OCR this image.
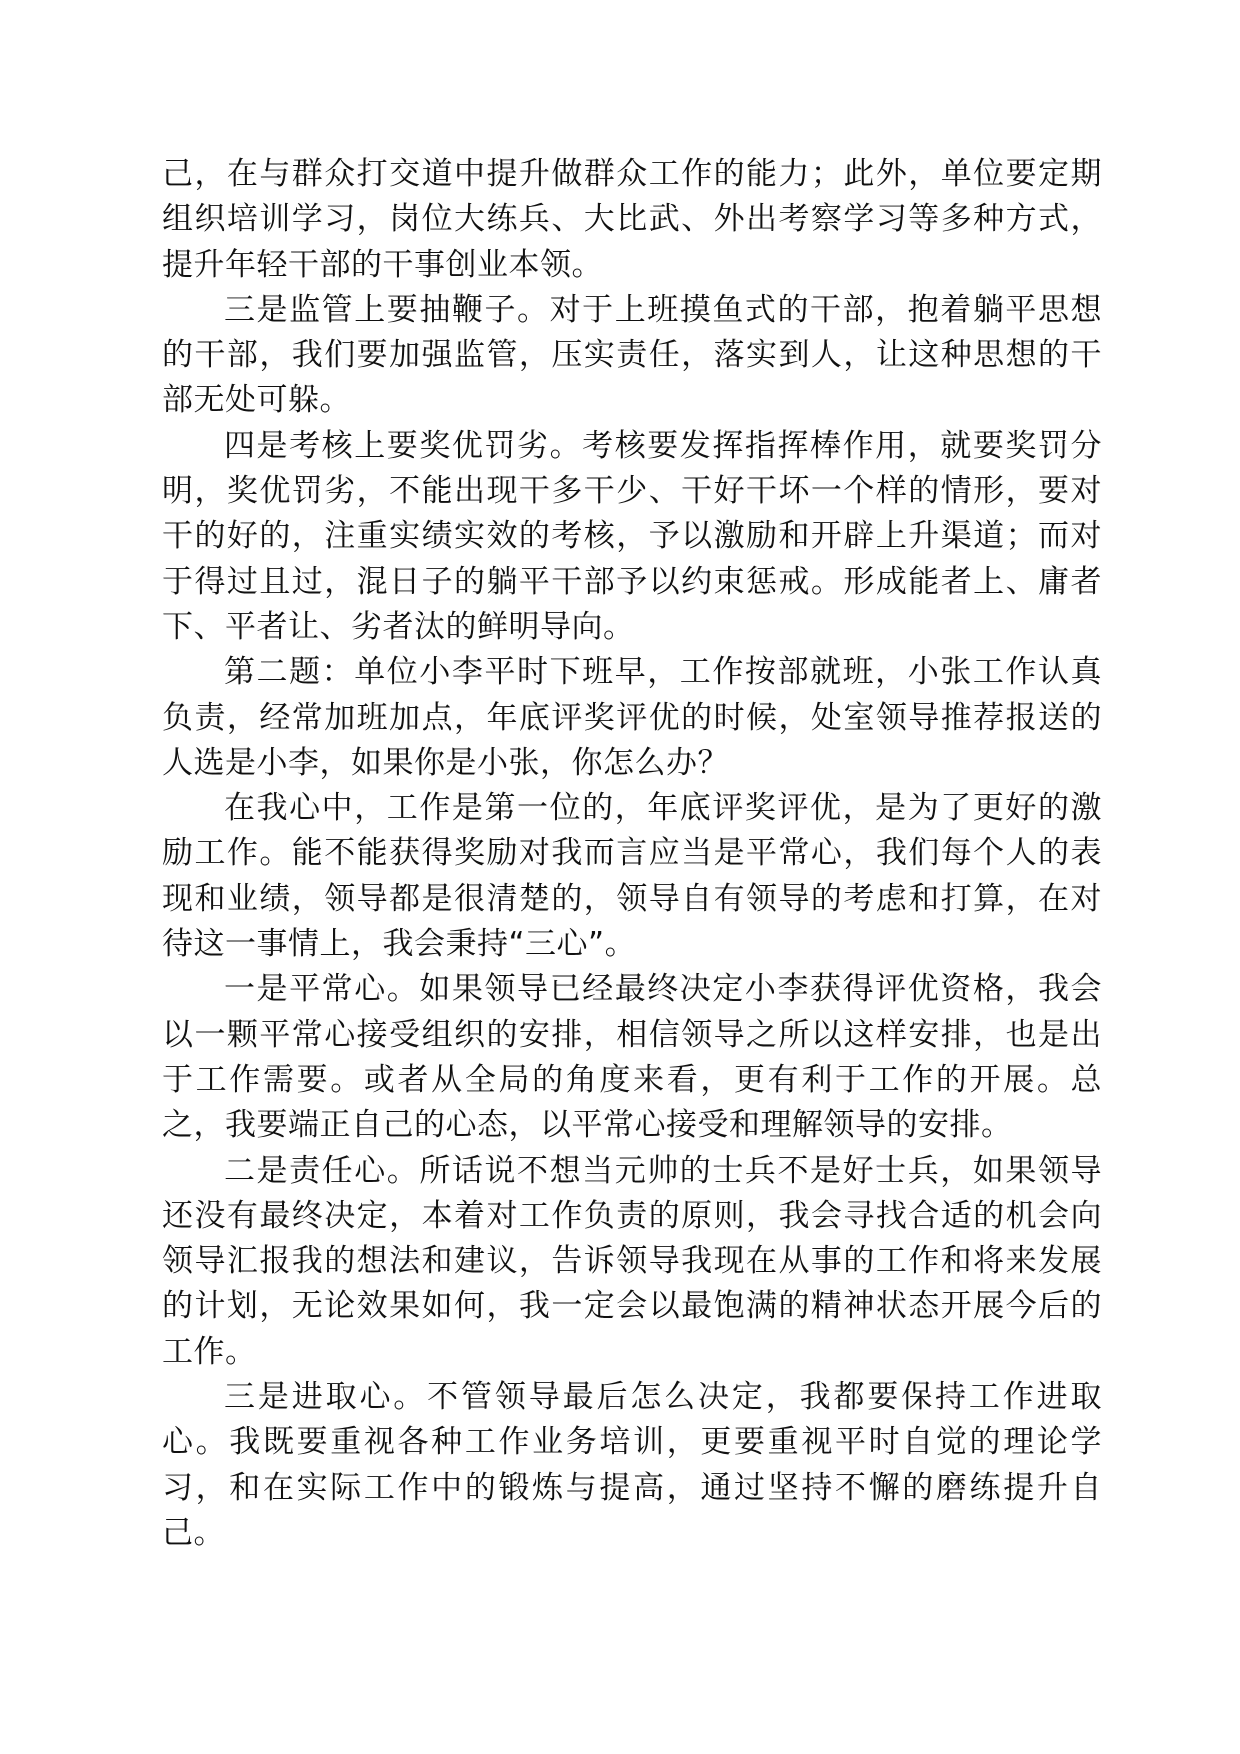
己，在与群众打交道中提升做群众工作的能力；此外，单位要定期组织培训学习，岗位大练兵、大比武、外出考察学习等多种方式，提升年轻干部的干事创业本领。

三是监管上要抽鞭子。对于上班摸鱼式的干部，抱着躺平思想的干部，我们要加强监管，压实责任，落实到人，让这种思想的干部无处可躲。

四是考核上要奖优罚劣。考核要发挥指挥棒作用，就要奖罚分明，奖优罚劣，不能出现干多干少、干好干坏一个样的情形，要对干的好的，注重实绩实效的考核，予以激励和开辟上升渠道；而对于得过且过，混日子的躺平干部予以约束惩戒。形成能者上、庸者下、平者让、劣者汰的鲜明导向。

第二题：单位小李平时下班早，工作按部就班，小张工作认真负责，经常加班加点，年底评奖评优的时候，处室领导推荐报送的人选是小李，如果你是小张，你怎么办？

在我心中，工作是第一位的，年底评奖评优，是为了更好的激励工作。能不能获得奖励对我而言应当是平常心，我们每个人的表现和业绩，领导都是很清楚的，领导自有领导的考虑和打算，在对待这一事情上，我会秉持“三心”。

一是平常心。如果领导已经最终决定小李获得评优资格，我会以一颗平常心接受组织的安排，相信领导之所以这样安排，也是出于工作需要。或者从全局的角度来看，更有利于工作的开展。总之，我要端正自己的心态，以平常心接受和理解领导的安排。

二是责任心。所话说不想当元帅的士兵不是好士兵，如果领导还没有最终决定，本着对工作负责的原则，我会寻找合适的机会向领导汇报我的想法和建议，告诉领导我现在从事的工作和将来发展的计划，无论效果如何，我一定会以最饱满的精神状态开展今后的工作。

三是进取心。不管领导最后怎么决定，我都要保持工作进取心。我既要重视各种工作业务培训，更要重视平时自觉的理论学习，和在实际工作中的锻炼与提高，通过坚持不懈的磨练提升自己。
